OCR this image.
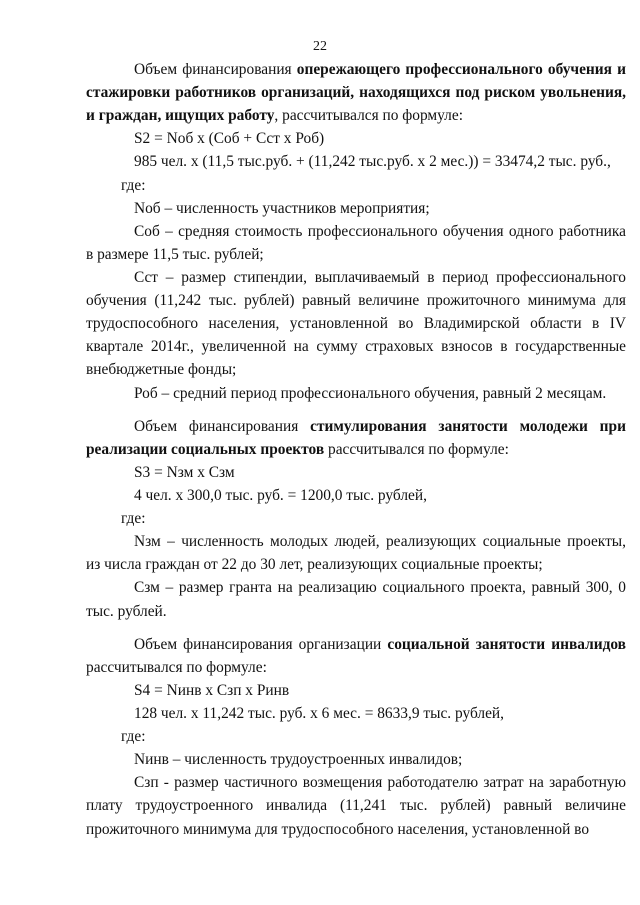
22

Объем финансирования опережающего профессионального обучения и стажировки работников организаций, находящихся под риском увольнения, и граждан, ищущих работу, рассчитывался по формуле:

S2 = Nоб x (Соб + Сст x Роб)

985 чел. x (11,5 тыс.руб. + (11,242 тыс.руб. x 2 мес.)) = 33474,2 тыс. руб.,

где:

Nоб – численность участников мероприятия;

Соб – средняя стоимость профессионального обучения одного работника в размере 11,5 тыс. рублей;

Сст – размер стипендии, выплачиваемый в период профессионального обучения (11,242 тыс. рублей) равный величине прожиточного минимума для трудоспособного населения, установленной во Владимирской области в IV квартале 2014г., увеличенной на сумму страховых взносов в государственные внебюджетные фонды;

Роб – средний период профессионального обучения, равный 2 месяцам.

Объем финансирования стимулирования занятости молодежи при реализации социальных проектов рассчитывался по формуле:

S3 = Nзм x Сзм

4 чел. x 300,0 тыс. руб. = 1200,0 тыс. рублей,

где:

Nзм – численность молодых людей, реализующих социальные проекты, из числа граждан от 22 до 30 лет, реализующих социальные проекты;

Сзм – размер гранта на реализацию социального проекта, равный 300, 0 тыс. рублей.

Объем финансирования организации социальной занятости инвалидов рассчитывался по формуле:

S4 = Nинв x Сзп x Ринв

128 чел. x 11,242 тыс. руб. x 6 мес. = 8633,9 тыс. рублей,

где:

Nинв – численность трудоустроенных инвалидов;

Сзп - размер частичного возмещения работодателю затрат на заработную плату трудоустроенного инвалида (11,241 тыс. рублей) равный величине прожиточного минимума для трудоспособного населения, установленной во
